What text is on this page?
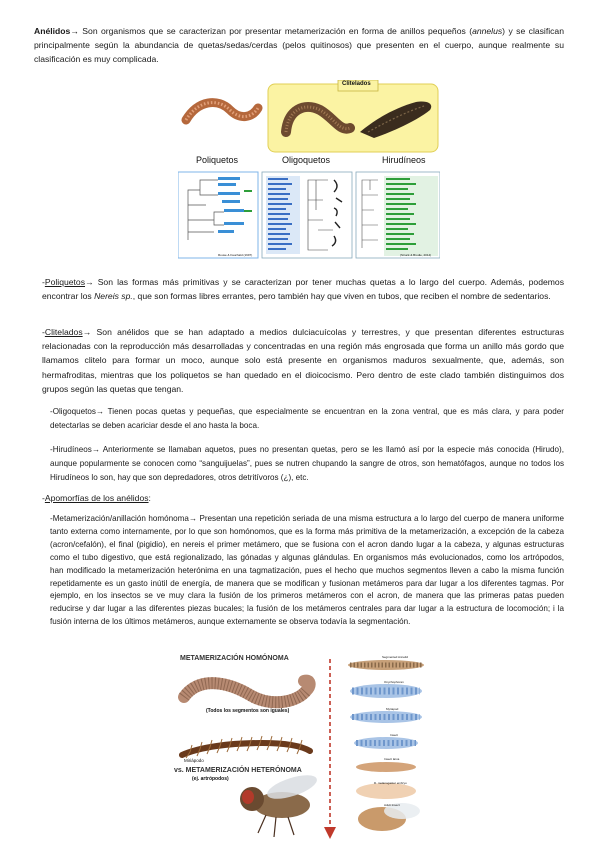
Anélidos→ Son organismos que se caracterizan por presentar metamerización en forma de anillos pequeños (annelus) y se clasifican principalmente según la abundancia de quetas/sedas/cerdas (pelos quitinosos) que presenten en el cuerpo, aunque realmente su clasificación es muy complicada.

Clitelados
Poliquetos	Oligoquetos	Hirudíneos
Rouse & Fauchald (1997)	(Struck & Brodie, 2014)

-Poliquetos→ Son las formas más primitivas y se caracterizan por tener muchas quetas a lo largo del cuerpo. Además, podemos encontrar los Nereis sp., que son formas libres errantes, pero también hay que viven en tubos, que reciben el nombre de sedentarios.

-Clitelados→ Son anélidos que se han adaptado a medios dulciacuícolas y terrestres, y que presentan diferentes estructuras relacionadas con la reproducción más desarrolladas y concentradas en una región más engrosada que forma un anillo más gordo que llamamos clitelo para formar un moco, aunque solo está presente en organismos maduros sexualmente, que, además, son hermafroditas, mientras que los poliquetos se han quedado en el dioicocismo. Pero dentro de este clado también distinguimos dos grupos según las quetas que tengan.

-Oligoquetos→ Tienen pocas quetas y pequeñas, que especialmente se encuentran en la zona ventral, que es más clara, y para poder detectarlas se deben acariciar desde el ano hasta la boca.

-Hirudíneos→ Anteriormente se llamaban aquetos, pues no presentan quetas, pero se les llamó así por la especie más conocida (Hirudo), aunque popularmente se conocen como “sanguijuelas”, pues se nutren chupando la sangre de otros, son hematófagos, aunque no todos los Hirudíneos lo son, hay que son depredadores, otros detritívoros (¿), etc.

-Apomorfías de los anélidos:

-Metamerización/anillación homónoma→ Presentan una repetición seriada de una misma estructura a lo largo del cuerpo de manera uniforme tanto externa como internamente, por lo que son homónomos, que es la forma más primitiva de la metamerización, a excepción de la cabeza (acron/cefalón), el final (pigidio), en nereis el primer metámero, que se fusiona con el acron dando lugar a la cabeza, y algunas estructuras como el tubo digestivo, que está regionalizado, las gónadas y algunas glándulas. En organismos más evolucionados, como los artrópodos, han modificado la metamerización heterónima en una tagmatización, pues el hecho que muchos segmentos lleven a cabo la misma función repetidamente es un gasto inútil de energía, de manera que se modifican y fusionan metámeros para dar lugar a los diferentes tagmas. Por ejemplo, en los insectos se ve muy clara la fusión de los primeros metámeros con el acron, de manera que las primeras patas pueden reducirse y dar lugar a las diferentes piezas bucales; la fusión de los metámeros centrales para dar lugar a la estructura de locomoción; i la fusión interna de los últimos metámeros, aunque externamente se observa todavía la segmentación.

METAMERIZACIÓN HOMÓNOMA
(Todos los segmentos son iguales)
Miriápodo
vs. METAMERIZACIÓN HETERÓNOMA
(ej. artrópodos)
Segmented Annelid
Onychophoran
Myriapod
Insect
Insect larva
D. melanogaster embryo
Adult Insect
